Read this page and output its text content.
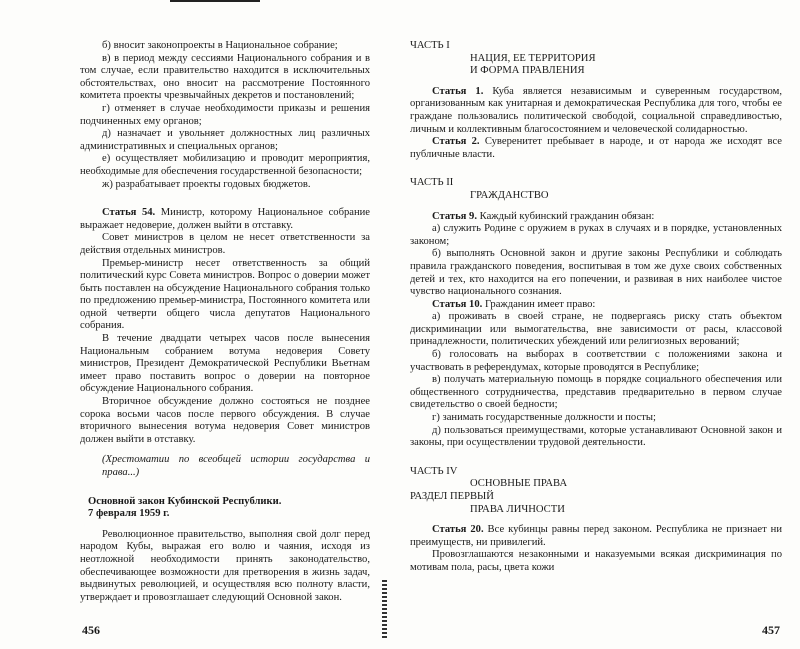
б) вносит законопроекты в Национальное собрание;

в) в период между сессиями Национального собрания и в том случае, если правительство находится в исключительных обстоятельствах, оно вносит на рассмотрение Постоянного комитета проекты чрезвычайных декретов и постановлений;

г) отменяет в случае необходимости приказы и решения подчиненных ему органов;

д) назначает и увольняет должностных лиц различных административных и специальных органов;

е) осуществляет мобилизацию и проводит мероприятия, необходимые для обеспечения государственной безопасности;

ж) разрабатывает проекты годовых бюджетов.

Статья 54. Министр, которому Национальное собрание выражает недоверие, должен выйти в отставку.

Совет министров в целом не несет ответственности за действия отдельных министров.

Премьер-министр несет ответственность за общий политический курс Совета министров. Вопрос о доверии может быть поставлен на обсуждение Национального собрания только по предложению премьер-министра, Постоянного комитета или одной четверти общего числа депутатов Национального собрания.

В течение двадцати четырех часов после вынесения Национальным собранием вотума недоверия Совету министров, Президент Демократической Республики Вьетнам имеет право поставить вопрос о доверии на повторное обсуждение Национального собрания.

Вторичное обсуждение должно состояться не позднее сорока восьми часов после первого обсуждения. В случае вторичного вынесения вотума недоверия Совет министров должен выйти в отставку.

(Хрестоматии по всеобщей истории государства и права...)

Основной закон Кубинской Республики.

7 февраля 1959 г.

Революционное правительство, выполняя свой долг перед народом Кубы, выражая его волю и чаяния, исходя из неотложной необходимости принять законодательство, обеспечивающее возможности для претворения в жизнь задач, выдвинутых революцией, и осуществляя всю полноту власти, утверждает и провозглашает следующий Основной закон.

456
ЧАСТЬ I
НАЦИЯ, ЕЕ ТЕРРИТОРИЯ
И ФОРМА ПРАВЛЕНИЯ

Статья 1. Куба является независимым и суверенным государством, организованным как унитарная и демократическая Республика для того, чтобы ее граждане пользовались политической свободой, социальной справедливостью, личным и коллективным благосостоянием и человеческой солидарностью.

Статья 2. Суверенитет пребывает в народе, и от народа же исходят все публичные власти.

ЧАСТЬ II
ГРАЖДАНСТВО

Статья 9. Каждый кубинский гражданин обязан:

а) служить Родине с оружием в руках в случаях и в порядке, установленных законом;

б) выполнять Основной закон и другие законы Республики и соблюдать правила гражданского поведения, воспитывая в том же духе своих собственных детей и тех, кто находится на его попечении, и развивая в них наиболее чистое чувство национального сознания.

Статья 10. Гражданин имеет право:

а) проживать в своей стране, не подвергаясь риску стать объектом дискриминации или вымогательства, вне зависимости от расы, классовой принадлежности, политических убеждений или религиозных верований;

б) голосовать на выборах в соответствии с положениями закона и участвовать в референдумах, которые проводятся в Республике;

в) получать материальную помощь в порядке социального обеспечения или общественного сотрудничества, представив предварительно в первом случае свидетельство о своей бедности;

г) занимать государственные должности и посты;

д) пользоваться преимуществами, которые устанавливают Основной закон и законы, при осуществлении трудовой деятельности.

ЧАСТЬ IV
ОСНОВНЫЕ ПРАВА
РАЗДЕЛ ПЕРВЫЙ
ПРАВА ЛИЧНОСТИ

Статья 20. Все кубинцы равны перед законом. Республика не признает ни преимуществ, ни привилегий.

Провозглашаются незаконными и наказуемыми всякая дискриминация по мотивам пола, расы, цвета кожи

457
